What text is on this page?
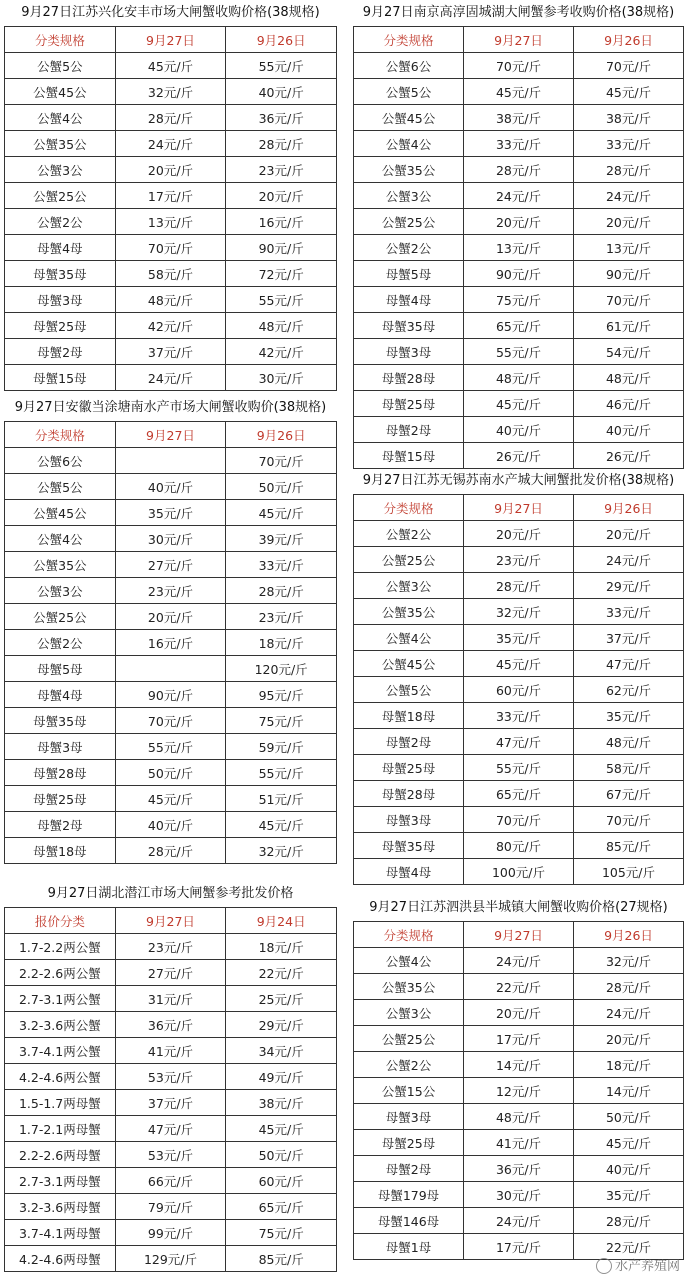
9月27日江苏兴化安丰市场大闸蟹收购价格(38规格)
分类规格	9月27日	9月26日
公蟹5公	45元/斤	55元/斤
公蟹45公	32元/斤	40元/斤
公蟹4公	28元/斤	36元/斤
公蟹35公	24元/斤	28元/斤
公蟹3公	20元/斤	23元/斤
公蟹25公	17元/斤	20元/斤
公蟹2公	13元/斤	16元/斤
母蟹4母	70元/斤	90元/斤
母蟹35母	58元/斤	72元/斤
母蟹3母	48元/斤	55元/斤
母蟹25母	42元/斤	48元/斤
母蟹2母	37元/斤	42元/斤
母蟹15母	24元/斤	30元/斤
9月27日安徽当涂塘南水产市场大闸蟹收购价(38规格)
分类规格	9月27日	9月26日
公蟹6公		70元/斤
公蟹5公	40元/斤	50元/斤
公蟹45公	35元/斤	45元/斤
公蟹4公	30元/斤	39元/斤
公蟹35公	27元/斤	33元/斤
公蟹3公	23元/斤	28元/斤
公蟹25公	20元/斤	23元/斤
公蟹2公	16元/斤	18元/斤
母蟹5母		120元/斤
母蟹4母	90元/斤	95元/斤
母蟹35母	70元/斤	75元/斤
母蟹3母	55元/斤	59元/斤
母蟹28母	50元/斤	55元/斤
母蟹25母	45元/斤	51元/斤
母蟹2母	40元/斤	45元/斤
母蟹18母	28元/斤	32元/斤
9月27日湖北潜江市场大闸蟹参考批发价格
报价分类	9月27日	9月24日
1.7-2.2两公蟹	23元/斤	18元/斤
2.2-2.6两公蟹	27元/斤	22元/斤
2.7-3.1两公蟹	31元/斤	25元/斤
3.2-3.6两公蟹	36元/斤	29元/斤
3.7-4.1两公蟹	41元/斤	34元/斤
4.2-4.6两公蟹	53元/斤	49元/斤
1.5-1.7两母蟹	37元/斤	38元/斤
1.7-2.1两母蟹	47元/斤	45元/斤
2.2-2.6两母蟹	53元/斤	50元/斤
2.7-3.1两母蟹	66元/斤	60元/斤
3.2-3.6两母蟹	79元/斤	65元/斤
3.7-4.1两母蟹	99元/斤	75元/斤
4.2-4.6两母蟹	129元/斤	85元/斤
9月27日南京高淳固城湖大闸蟹参考收购价格(38规格)
分类规格	9月27日	9月26日
公蟹6公	70元/斤	70元/斤
公蟹5公	45元/斤	45元/斤
公蟹45公	38元/斤	38元/斤
公蟹4公	33元/斤	33元/斤
公蟹35公	28元/斤	28元/斤
公蟹3公	24元/斤	24元/斤
公蟹25公	20元/斤	20元/斤
公蟹2公	13元/斤	13元/斤
母蟹5母	90元/斤	90元/斤
母蟹4母	75元/斤	70元/斤
母蟹35母	65元/斤	61元/斤
母蟹3母	55元/斤	54元/斤
母蟹28母	48元/斤	48元/斤
母蟹25母	45元/斤	46元/斤
母蟹2母	40元/斤	40元/斤
母蟹15母	26元/斤	26元/斤
9月27日江苏无锡苏南水产城大闸蟹批发价格(38规格)
分类规格	9月27日	9月26日
公蟹2公	20元/斤	20元/斤
公蟹25公	23元/斤	24元/斤
公蟹3公	28元/斤	29元/斤
公蟹35公	32元/斤	33元/斤
公蟹4公	35元/斤	37元/斤
公蟹45公	45元/斤	47元/斤
公蟹5公	60元/斤	62元/斤
母蟹18母	33元/斤	35元/斤
母蟹2母	47元/斤	48元/斤
母蟹25母	55元/斤	58元/斤
母蟹28母	65元/斤	67元/斤
母蟹3母	70元/斤	70元/斤
母蟹35母	80元/斤	85元/斤
母蟹4母	100元/斤	105元/斤
9月27日江苏泗洪县半城镇大闸蟹收购价格(27规格)
分类规格	9月27日	9月26日
公蟹4公	24元/斤	32元/斤
公蟹35公	22元/斤	28元/斤
公蟹3公	20元/斤	24元/斤
公蟹25公	17元/斤	20元/斤
公蟹2公	14元/斤	18元/斤
公蟹15公	12元/斤	14元/斤
母蟹3母	48元/斤	50元/斤
母蟹25母	41元/斤	45元/斤
母蟹2母	36元/斤	40元/斤
母蟹179母	30元/斤	35元/斤
母蟹146母	24元/斤	28元/斤
母蟹1母	17元/斤	22元/斤
水产养殖网
